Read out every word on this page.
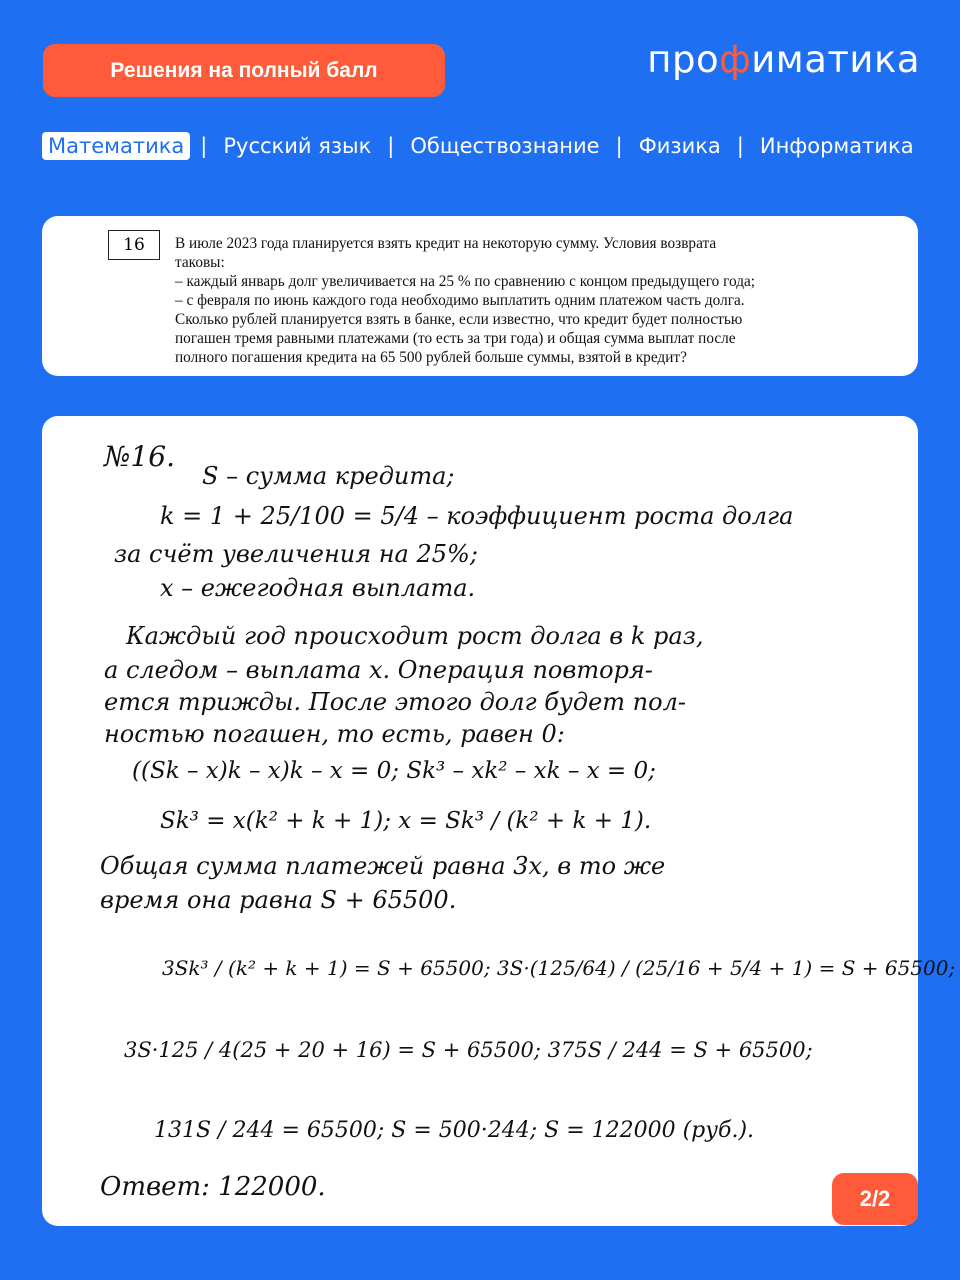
Решения на полный балл	профиматика
Математика | Русский язык | Обществознание | Физика | Информатика
16	В июле 2023 года планируется взять кредит на некоторую сумму. Условия возврата
таковы:
– каждый январь долг увеличивается на 25 % по сравнению с концом предыдущего года;
– с февраля по июнь каждого года необходимо выплатить одним платежом часть долга.
Сколько рублей планируется взять в банке, если известно, что кредит будет полностью
погашен тремя равными платежами (то есть за три года) и общая сумма выплат после
полного погашения кредита на 65 500 рублей больше суммы, взятой в кредит?
№16.
S – сумма кредита;
k = 1 + 25/100 = 5/4 – коэффициент роста долга
за счёт увеличения на 25%;
x – ежегодная выплата.
Каждый год происходит рост долга в k раз,
а следом – выплата x. Операция повторя-
ется трижды. После этого долг будет пол-
ностью погашен, то есть, равен 0:
((Sk – x)k – x)k – x = 0; Sk³ – xk² – xk – x = 0;
Sk³ = x(k² + k + 1); x = Sk³ / (k² + k + 1).
Общая сумма платежей равна 3x, в то же
время она равна S + 65500.
3Sk³ / (k² + k + 1) = S + 65500; 3S·(125/64) / (25/16 + 5/4 + 1) = S + 65500;
3S·125 / 4(25 + 20 + 16) = S + 65500; 375S / 244 = S + 65500;
131S / 244 = 65500; S = 500·244; S = 122000 (руб.).
Ответ: 122000.	2/2
